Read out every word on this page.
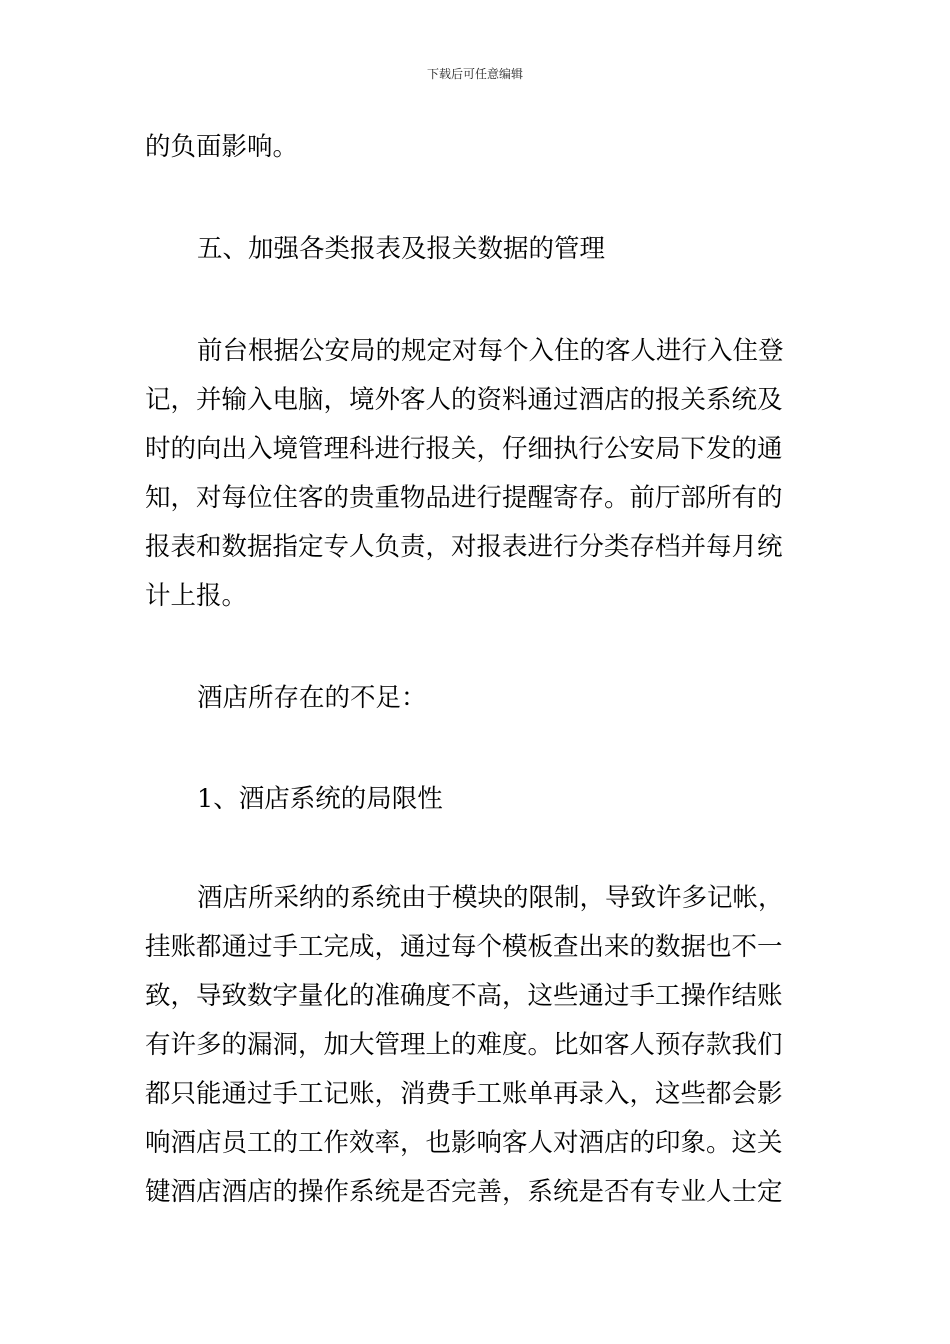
下载后可任意编辑
的负面影响。
五、加强各类报表及报关数据的管理
前台根据公安局的规定对每个入住的客人进行入住登
记，并输入电脑，境外客人的资料通过酒店的报关系统及
时的向出入境管理科进行报关，仔细执行公安局下发的通
知，对每位住客的贵重物品进行提醒寄存。前厅部所有的
报表和数据指定专人负责，对报表进行分类存档并每月统
计上报。
酒店所存在的不足：
1、酒店系统的局限性
酒店所采纳的系统由于模块的限制，导致许多记帐，
挂账都通过手工完成，通过每个模板查出来的数据也不一
致，导致数字量化的准确度不高，这些通过手工操作结账
有许多的漏洞，加大管理上的难度。比如客人预存款我们
都只能通过手工记账，消费手工账单再录入，这些都会影
响酒店员工的工作效率，也影响客人对酒店的印象。这关
键酒店酒店的操作系统是否完善，系统是否有专业人士定
